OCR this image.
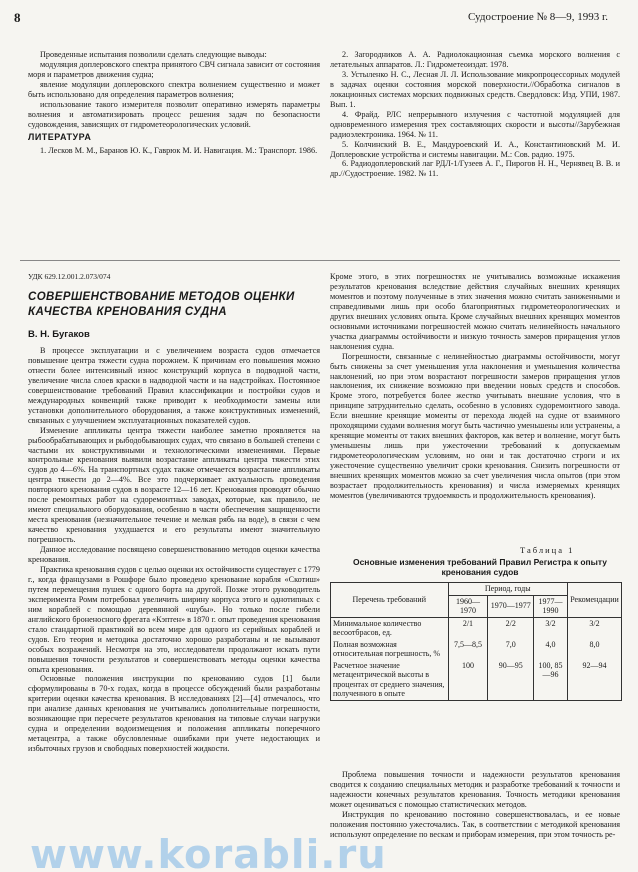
8	Судостроение № 8—9, 1993 г.

Проведенные испытания позволили сделать следующие выводы:

модуляция доплеровского спектра принятого СВЧ сигнала зависит от состояния моря и параметров движения судна;

явление модуляции доплеровского спектра волнением существенно и может быть использовано для определения параметров волнения;

использование такого измерителя позволит оперативно измерять параметры волнения и автоматизировать процесс решения задач по безопасности судовождения, зависящих от гидрометеорологических условий.

ЛИТЕРАТУРА

1. Лесков М. М., Баранов Ю. К., Гаврюк М. И. Навигация. М.: Транспорт. 1986.

2. Загородников А. А. Радиолокационная съемка морского волнения с летательных аппаратов. Л.: Гидрометеоиздат. 1978.

3. Устыленко Н. С., Лесная Л. Л. Использование микропроцессорных модулей в задачах оценки состояния морской поверхности.//Обработка сигналов в локационных системах морских подвижных средств. Свердловск: Изд. УПИ, 1987. Вып. 1.

4. Фрайд. РЛС непрерывного излучения с частотной модуляцией для одновременного измерения трех составляющих скорости и высоты//Зарубежная радиоэлектроника. 1964. № 11.

5. Колчинский В. Е., Мандуроевский И. А., Константиновский М. И. Доплеровские устройства и системы навигации. М.: Сов. радио. 1975.

6. Радиодоплеровский лаг РДЛ-1/Гузеев А. Г., Пирогов Н. Н., Чернявец В. В. и др.//Судостроение. 1982. № 11.

УДК 629.12.001.2.073/074
СОВЕРШЕНСТВОВАНИЕ МЕТОДОВ ОЦЕНКИ КАЧЕСТВА КРЕНОВАНИЯ СУДНА
В. Н. Бугаков

В процессе эксплуатации и с увеличением возраста судов отмечается повышение центра тяжести судна порожнем. К причинам его повышения можно отнести более интенсивный износ конструкций корпуса в подводной части, увеличение числа слоев краски в надводной части и на надстройках. Постоянное совершенствование требований Правил классификации и постройки судов и международных конвенций также приводит к необходимости замены или установки дополнительного оборудования, а также конструктивных изменений, связанных с улучшением эксплуатационных показателей судов.

Изменение аппликаты центра тяжести наиболее заметно проявляется на рыбообрабатывающих и рыбодобывающих судах, что связано в большей степени с частыми их конструктивными и технологическими изменениями. Первые контрольные кренования выявили возрастание аппликаты центра тяжести этих судов до 4—6%. На транспортных судах также отмечается возрастание аппликаты центра тяжести до 2—4%. Все это подчеркивает актуальность проведения повторного кренования судов в возрасте 12—16 лет. Кренования проводят обычно после ремонтных работ на судоремонтных заводах, которые, как правило, не имеют специального оборудования, особенно в части обеспечения защищенности места кренования (незначительное течение и мелкая рябь на воде), в связи с чем качество кренования ухудшается и его результаты имеют значительную погрешность.

Данное исследование посвящено совершенствованию методов оценки качества кренования.

Практика кренования судов с целью оценки их остойчивости существует с 1779 г., когда французами в Рошфоре было проведено кренование корабля «Скотиш» путем перемещения пушек с одного борта на другой. Позже этого руководитель эксперимента Ромм потребовал увеличить ширину корпуса этого и однотипных с ним кораблей с помощью деревянной «шубы». Но только после гибели английского броненосного фрегата «Кэптен» в 1870 г. опыт проведения кренования стало стандартной практикой во всем мире для одного из серийных кораблей и судов. Его теория и методика достаточно хорошо разработаны и не вызывают особых возражений. Несмотря на это, исследователи продолжают искать пути повышения точности результатов и совершенствовать методы оценки качества опыта кренования.

Основные положения инструкции по кренованию судов [1] были сформулированы в 70-х годах, когда в процессе обсуждений были разработаны критерии оценки качества кренования. В исследованиях [2]—[4] отмечалось, что при анализе данных кренования не учитывались дополнительные погрешности, возникающие при пересчете результатов кренования на типовые случаи нагрузки судна и определении водоизмещения и положения аппликаты поперечного метацентра, а также обусловленные ошибками при учете недостающих и избыточных грузов и свободных поверхностей жидкости.

Кроме этого, в этих погрешностях не учитывались возможные искажения результатов кренования вследствие действия случайных внешних кренящих моментов и поэтому полученные в этих значения можно считать заниженными и справедливыми лишь при особо благоприятных гидрометеорологических и других внешних условиях опыта. Кроме случайных внешних кренящих моментов основными источниками погрешностей можно считать нелинейность начального участка диаграммы остойчивости и низкую точность замеров приращения углов наклонения судна.

Погрешности, связанные с нелинейностью диаграммы остойчивости, могут быть снижены за счет уменьшения угла наклонения и уменьшения количества наклонений, но при этом возрастают погрешности замеров приращения углов наклонения, их снижение возможно при введении новых средств и способов. Кроме этого, потребуется более жестко учитывать внешние условия, что в принципе затруднительно сделать, особенно в условиях судоремонтного завода. Если внешние кренящие моменты от перехода людей на судне от взаимного проходящими судами волнения могут быть частично уменьшены или устранены, а кренящие моменты от таких внешних факторов, как ветер и волнение, могут быть уменьшены лишь при ужесточении требований к допускаемым гидрометеорологическим условиям, но они и так достаточно строги и их ужесточение существенно увеличит сроки кренования. Снизить погрешности от внешних кренящих моментов можно за счет увеличения числа опытов (при этом возрастает продолжительность кренования) и числа измеряемых кренящих моментов (увеличиваются трудоемкость и продолжительность кренования).

Таблица 1
Основные изменения требований Правил Регистра к опыту кренования судов
Перечень требований	Период, годы			Рекомендации
	1960—1970	1970—1977	1977—1990	
Минимальное количество весоотбрасов, ед.	2/1	2/2	3/2	3/2
Полная возможная относительная погрешность, %	7,5—8,5	7,0	4,0	8,0
Расчетное значение метацентрической высоты в процентах от среднего значения, полученного в опыте	100	90—95	100, 85—96	92—94

Проблема повышения точности и надежности результатов кренования сводится к созданию специальных методик и разработке требований к точности и надежности конечных результатов кренования. Точность методики кренования может оцениваться с помощью статистических методов.

Инструкция по кренованию постоянно совершенствовалась, и ее новые положения постоянно ужесточались. Так, в соответствии с методикой кренования используют определение по вескам и приборам измерения, при этом точность ре-

www.korabli.ru
